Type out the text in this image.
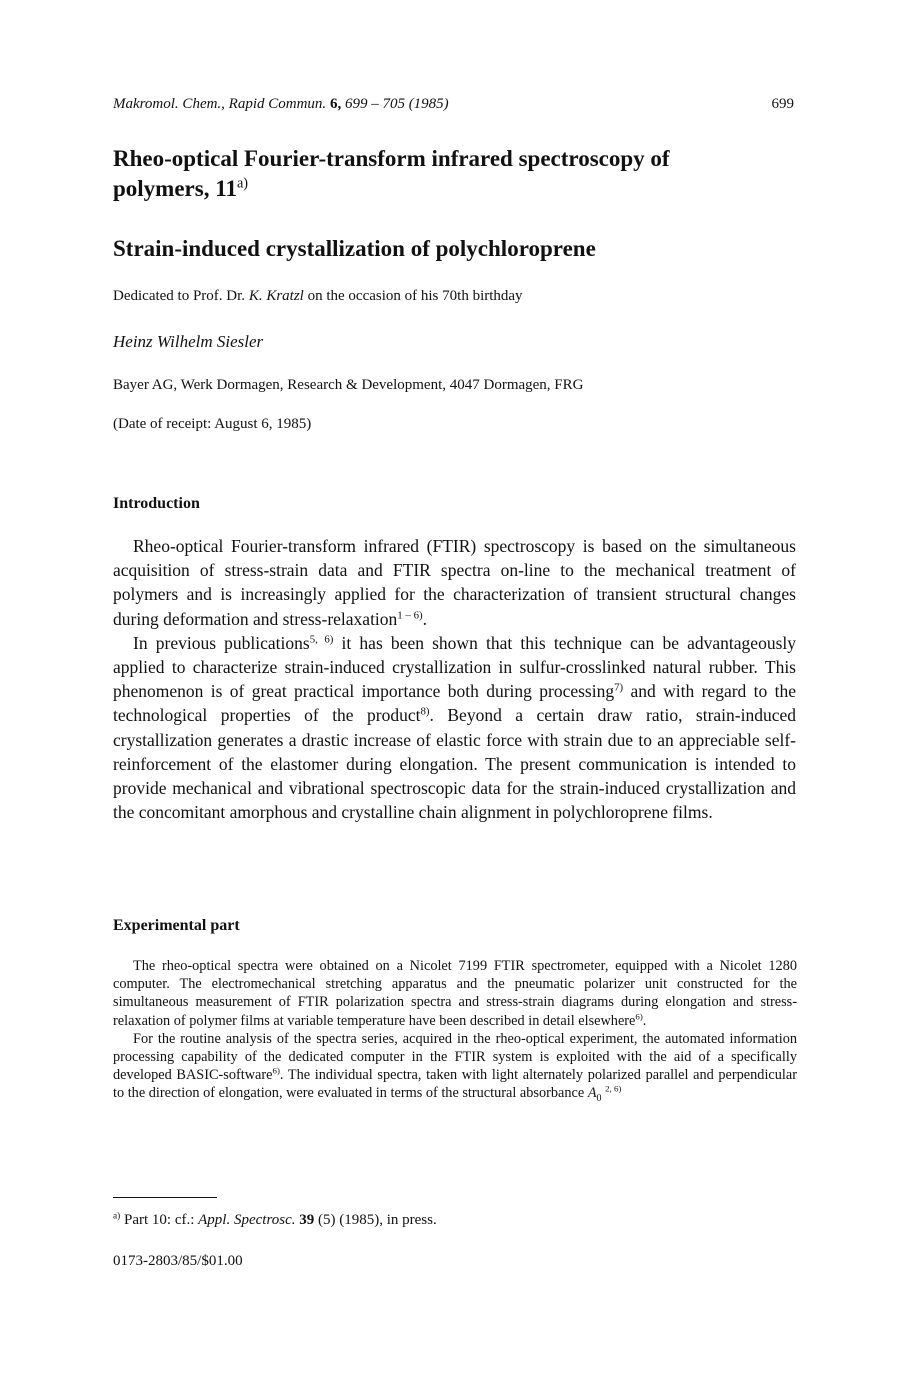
Makromol. Chem., Rapid Commun. 6, 699 – 705 (1985)	699
Rheo-optical Fourier-transform infrared spectroscopy of polymers, 11$^{a)}$
Strain-induced crystallization of polychloroprene
Dedicated to Prof. Dr. K. Kratzl on the occasion of his 70th birthday
Heinz Wilhelm Siesler
Bayer AG, Werk Dormagen, Research & Development, 4047 Dormagen, FRG
(Date of receipt: August 6, 1985)
Introduction

Rheo-optical Fourier-transform infrared (FTIR) spectroscopy is based on the simultaneous acquisition of stress-strain data and FTIR spectra on-line to the mechanical treatment of polymers and is increasingly applied for the characterization of transient structural changes during deformation and stress-relaxation$^{1 - 6)}$.

In previous publications$^{5, 6)}$ it has been shown that this technique can be advantageously applied to characterize strain-induced crystallization in sulfur-crosslinked natural rubber. This phenomenon is of great practical importance both during processing$^{7)}$ and with regard to the technological properties of the product$^{8)}$. Beyond a certain draw ratio, strain-induced crystallization generates a drastic increase of elastic force with strain due to an appreciable self-reinforcement of the elastomer during elongation. The present communication is intended to provide mechanical and vibrational spectroscopic data for the strain-induced crystallization and the concomitant amorphous and crystalline chain alignment in polychloroprene films.

Experimental part

The rheo-optical spectra were obtained on a Nicolet 7199 FTIR spectrometer, equipped with a Nicolet 1280 computer. The electromechanical stretching apparatus and the pneumatic polarizer unit constructed for the simultaneous measurement of FTIR polarization spectra and stress-strain diagrams during elongation and stress-relaxation of polymer films at variable temperature have been described in detail elsewhere$^{6)}$.

For the routine analysis of the spectra series, acquired in the rheo-optical experiment, the automated information processing capability of the dedicated computer in the FTIR system is exploited with the aid of a specifically developed BASIC-software$^{6)}$. The individual spectra, taken with light alternately polarized parallel and perpendicular to the direction of elongation, were evaluated in terms of the structural absorbance $A_0$ $^{2, 6)}$

$^{a)}$ Part 10: cf.: Appl. Spectrosc. 39 (5) (1985), in press.
0173-2803/85/$01.00
